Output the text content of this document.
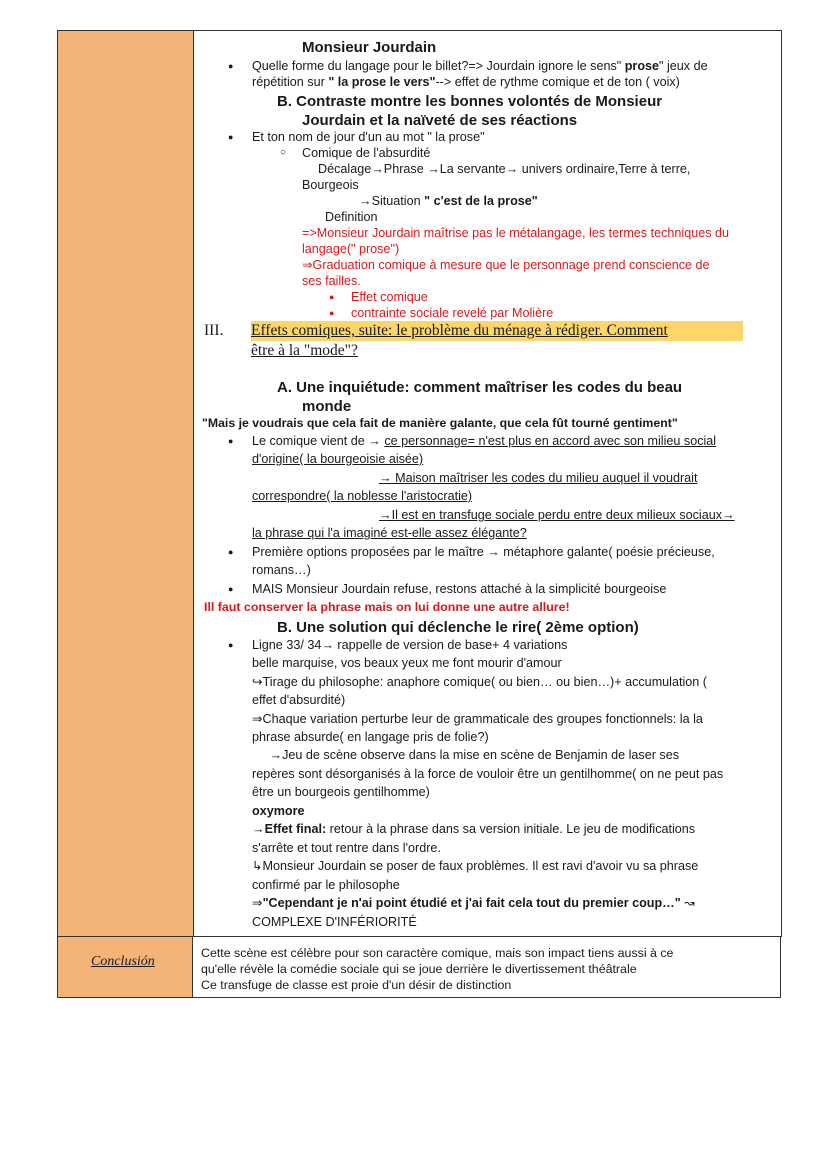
Monsieur Jourdain
● Quelle forme du langage pour le billet?=> Jourdain ignore le sens" prose" jeux de
répétition sur " la prose le vers"--> effet de rythme comique et de ton ( voix)
B. Contraste montre les bonnes volontés de Monsieur
Jourdain et la naïveté de ses réactions
● Et ton nom de jour d'un au mot " la prose"
○ Comique de l'absurdité
Décalage→Phrase →La servante→ univers ordinaire,Terre à terre,
Bourgeois
→Situation " c'est de la prose"
Definition
=>Monsieur Jourdain maîtrise pas le métalangage, les termes techniques du
langage(" prose")
⇒Graduation comique à mesure que le personnage prend conscience de
ses failles.
● Effet comique
● contrainte sociale revelé par Molière
III. Effets comiques, suite: le problème du ménage à rédiger. Comment
être à la "mode"?
A. Une inquiétude: comment maîtriser les codes du beau
monde
"Mais je voudrais que cela fait de manière galante, que cela fût tourné gentiment"
● Le comique vient de → ce personnage= n'est plus en accord avec son milieu social
d'origine( la bourgeoisie aisée)
→ Maison maîtriser les codes du milieu auquel il voudrait
correspondre( la noblesse l'aristocratie)
→Il est en transfuge sociale perdu entre deux milieux sociaux→
la phrase qui l'a imaginé est-elle assez élégante?
● Première options proposées par le maître → métaphore galante( poésie précieuse,
romans…)
● MAIS Monsieur Jourdain refuse, restons attaché à la simplicité bourgeoise
Ill faut conserver la phrase mais on lui donne une autre allure!
B. Une solution qui déclenche le rire( 2ème option)
● Ligne 33/ 34→ rappelle de version de base+ 4 variations
belle marquise, vos beaux yeux me font mourir d'amour
↪Tirage du philosophe: anaphore comique( ou bien… ou bien…)+ accumulation (
effet d'absurdité)
⇒Chaque variation perturbe leur de grammaticale des groupes fonctionnels: la la
phrase absurde( en langage pris de folie?)
→Jeu de scène observe dans la mise en scène de Benjamin de laser ses
repères sont désorganisés à la force de vouloir être un gentilhomme( on ne peut pas
être un bourgeois gentilhomme)
oxymore
→Effet final: retour à la phrase dans sa version initiale. Le jeu de modifications
s'arrête et tout rentre dans l'ordre.
↳Monsieur Jourdain se poser de faux problèmes. Il est ravi d'avoir vu sa phrase
confirmé par le philosophe
⇒"Cependant je n'ai point étudié et j'ai fait cela tout du premier coup…" ↝
COMPLEXE D'INFÉRIORITÉ
Conclusión
Cette scène est célèbre pour son caractère comique, mais son impact tiens aussi à ce
qu'elle révèle la comédie sociale qui se joue derrière le divertissement théâtrale
Ce transfuge de classe est proie d'un désir de distinction
